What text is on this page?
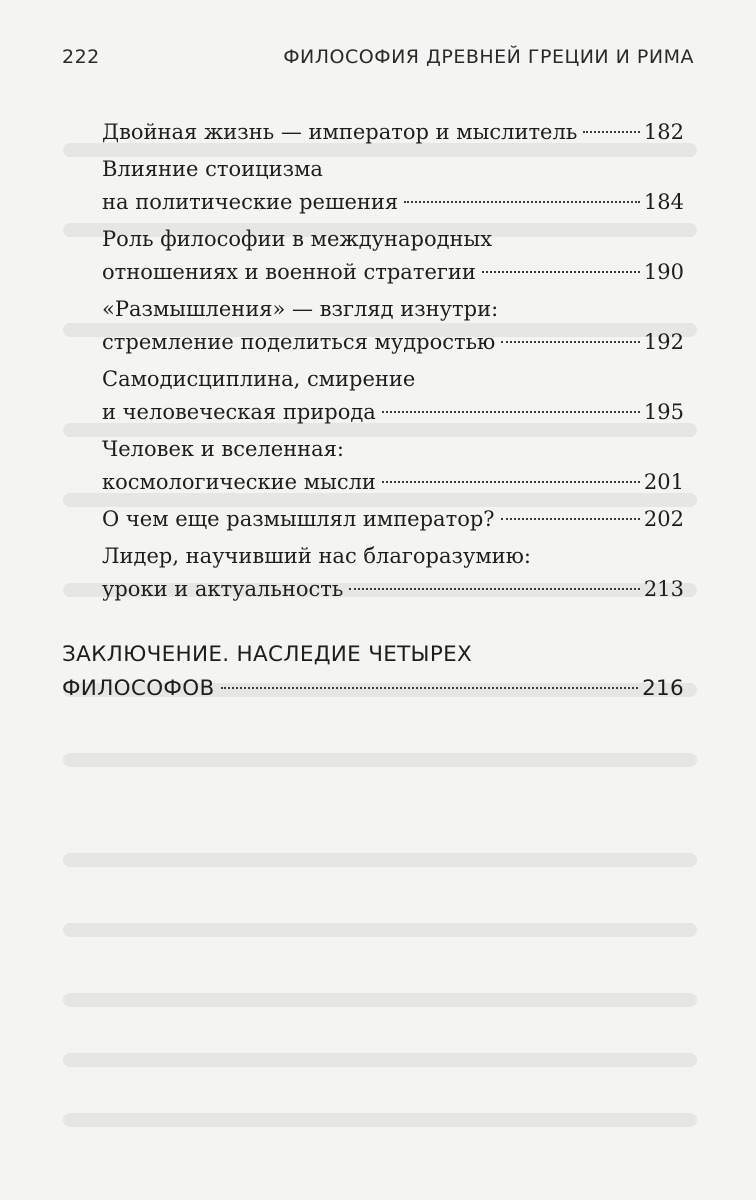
222	ФИЛОСОФИЯ ДРЕВНЕЙ ГРЕЦИИ И РИМА
Двойная жизнь — император и мыслитель	182
Влияние стоицизма
на политические решения	184
Роль философии в международных
отношениях и военной стратегии	190
«Размышления» — взгляд изнутри:
стремление поделиться мудростью	192
Самодисциплина, смирение
и человеческая природа	195
Человек и вселенная:
космологические мысли	201
О чем еще размышлял император?	202
Лидер, научивший нас благоразумию:
уроки и актуальность	213
ЗАКЛЮЧЕНИЕ. НАСЛЕДИЕ ЧЕТЫРЕХ
ФИЛОСОФОВ	216
